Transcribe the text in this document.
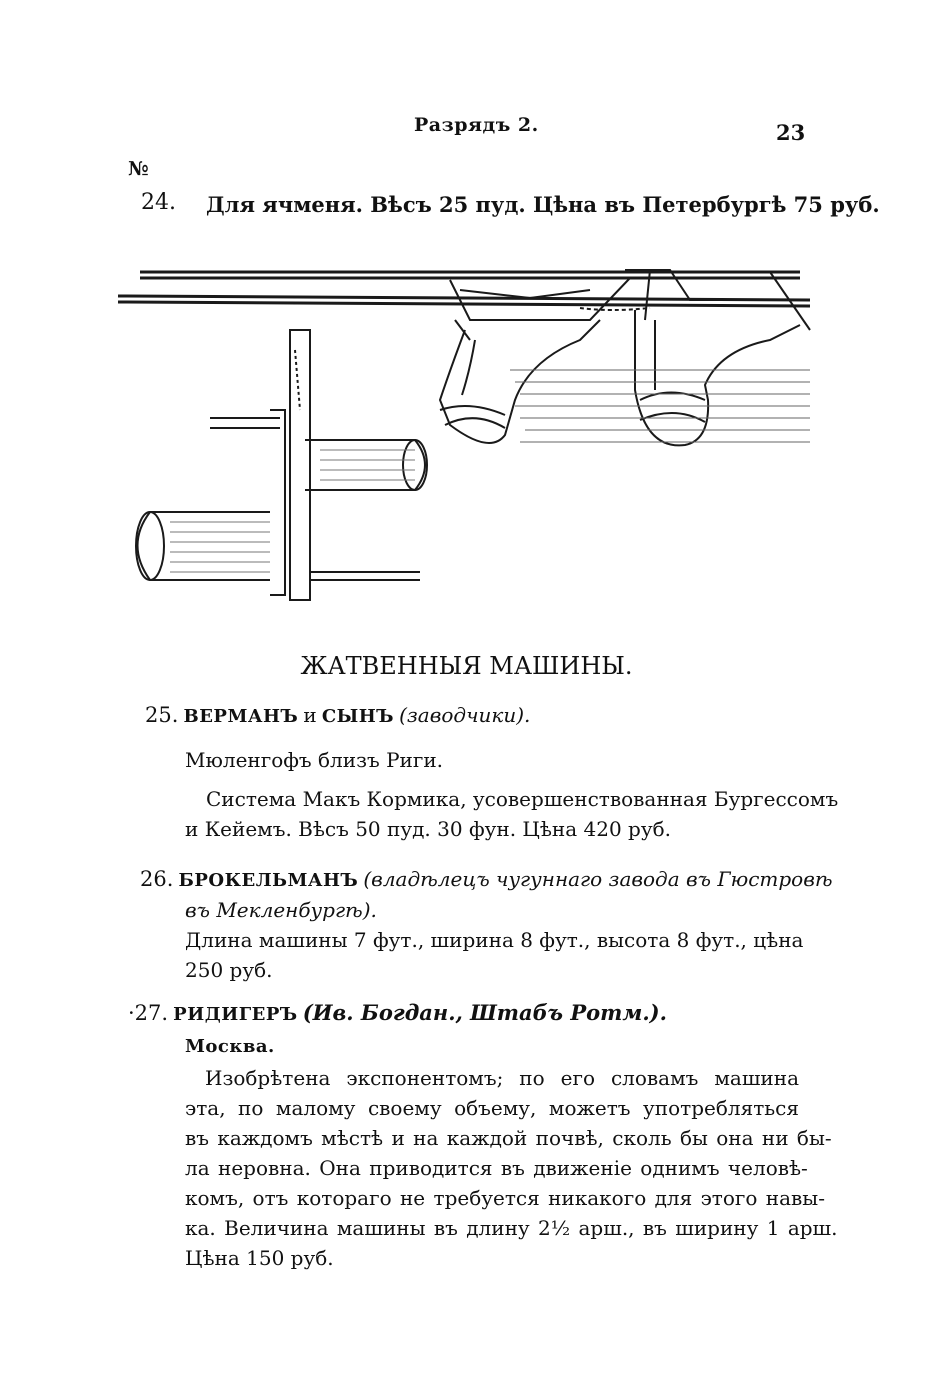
Разрядъ 2.	23
№
24. Для ячменя. Вѣсъ 25 пуд. Цѣна въ Петербургѣ 75 руб.
ЖАТВЕННЫЯ МАШИНЫ.
25. ВЕРМАНЪ и СЫНЪ (заводчики).
Мюленгофъ близъ Риги.
Система Макъ Кормика, усовершенствованная Бургессомъ
и Кейемъ. Вѣсъ 50 пуд. 30 фун. Цѣна 420 руб.
26. БРОКЕЛЬМАНЪ (владѣлецъ чугуннаго завода въ Гюстровѣ
въ Мекленбургѣ).
Длина машины 7 фут., ширина 8 фут., высота 8 фут., цѣна
250 руб.
·27. РИДИГЕРЪ (Ив. Богдан., Штабъ Ротм.).
Москва.
Изобрѣтена экспонентомъ; по его словамъ машина
эта, по малому своему объему, можетъ употребляться
въ каждомъ мѣстѣ и на каждой почвѣ, сколь бы она ни бы-
ла неровна. Она приводится въ движеніе однимъ человѣ-
комъ, отъ котораго не требуется никакого для этого навы-
ка. Величина машины въ длину 2½ арш., въ ширину 1 арш.
Цѣна 150 руб.
